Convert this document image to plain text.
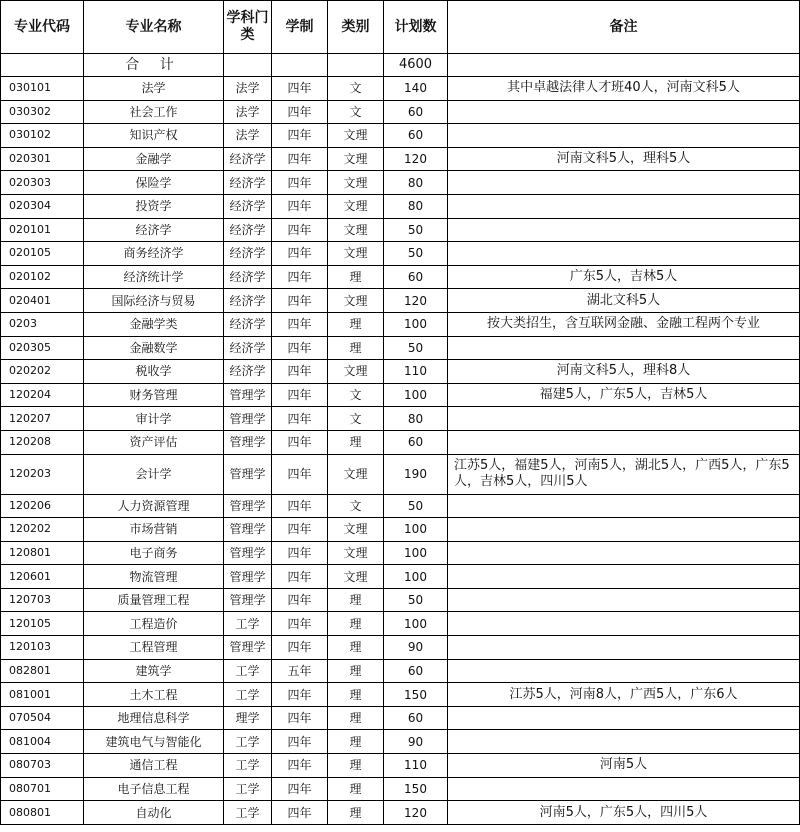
专业代码	专业名称	学科门类	学制	类别	计划数	备注
	合 计				4600	
030101	法学	法学	四年	文	140	其中卓越法律人才班40人，河南文科5人
030302	社会工作	法学	四年	文	60	
030102	知识产权	法学	四年	文理	60	
020301	金融学	经济学	四年	文理	120	河南文科5人，理科5人
020303	保险学	经济学	四年	文理	80	
020304	投资学	经济学	四年	文理	80	
020101	经济学	经济学	四年	文理	50	
020105	商务经济学	经济学	四年	文理	50	
020102	经济统计学	经济学	四年	理	60	广东5人，吉林5人
020401	国际经济与贸易	经济学	四年	文理	120	湖北文科5人
0203	金融学类	经济学	四年	理	100	按大类招生，含互联网金融、金融工程两个专业
020305	金融数学	经济学	四年	理	50	
020202	税收学	经济学	四年	文理	110	河南文科5人，理科8人
120204	财务管理	管理学	四年	文	100	福建5人，广东5人，吉林5人
120207	审计学	管理学	四年	文	80	
120208	资产评估	管理学	四年	理	60	
120203	会计学	管理学	四年	文理	190	江苏5人，福建5人，河南5人，湖北5人，广西5人，广东5人，吉林5人，四川5人
120206	人力资源管理	管理学	四年	文	50	
120202	市场营销	管理学	四年	文理	100	
120801	电子商务	管理学	四年	文理	100	
120601	物流管理	管理学	四年	文理	100	
120703	质量管理工程	管理学	四年	理	50	
120105	工程造价	工学	四年	理	100	
120103	工程管理	管理学	四年	理	90	
082801	建筑学	工学	五年	理	60	
081001	土木工程	工学	四年	理	150	江苏5人，河南8人，广西5人，广东6人
070504	地理信息科学	理学	四年	理	60	
081004	建筑电气与智能化	工学	四年	理	90	
080703	通信工程	工学	四年	理	110	河南5人
080701	电子信息工程	工学	四年	理	150	
080801	自动化	工学	四年	理	120	河南5人，广东5人，四川5人
